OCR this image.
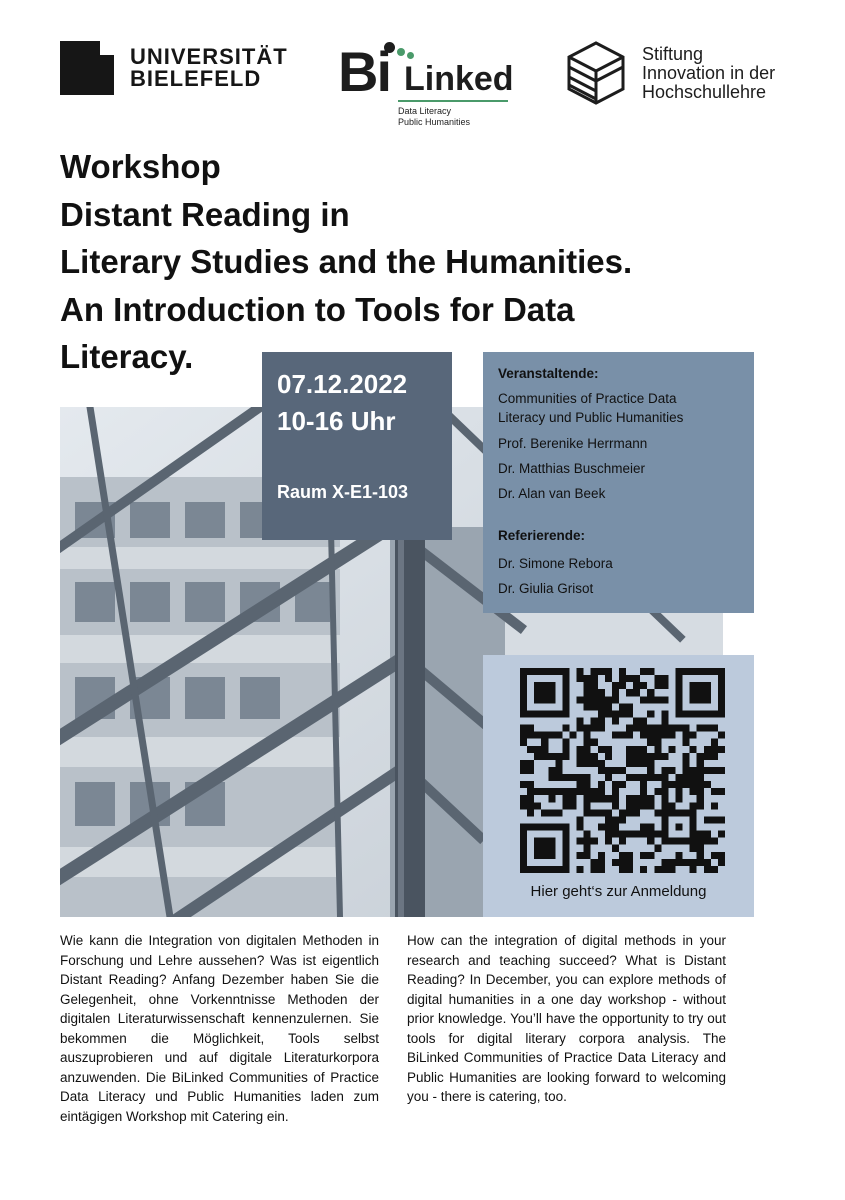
UNIVERSITÄT
BIELEFELD	Bi Linked
Data Literacy
Public Humanities
Stiftung
Innovation in der
Hochschullehre
Workshop
Distant Reading in
Literary Studies and the Humanities.
An Introduction to Tools for Data
Literacy.
07.12.2022
10-16 Uhr
Raum X-E1-103
Veranstaltende:
Communities of Practice Data
Literacy und Public Humanities
Prof. Berenike Herrmann
Dr. Matthias Buschmeier
Dr. Alan van Beek
Referierende:
Dr. Simone Rebora
Dr. Giulia Grisot
Hier geht‘s zur Anmeldung
Wie kann die Integration von digitalen Methoden in Forschung und Lehre aussehen? Was ist eigentlich Distant Reading? Anfang Dezember haben Sie die Gelegenheit, ohne Vorkenntnisse Methoden der digitalen Literaturwissenschaft kennenzulernen. Sie bekommen die Möglichkeit, Tools selbst auszuprobieren und auf digitale Literaturkorpora anzuwenden. Die BiLinked Communities of Practice Data Literacy und Public Humanities laden zum eintägigen Workshop mit Catering ein.
How can the integration of digital methods in your research and teaching succeed? What is Distant Reading? In December, you can explore methods of digital humanities in a one day workshop - without prior knowledge. You’ll have the opportunity to try out tools for digital literary corpora analysis. The BiLinked Communities of Practice Data Literacy and Public Humanities are looking forward to welcoming you - there is catering, too.
